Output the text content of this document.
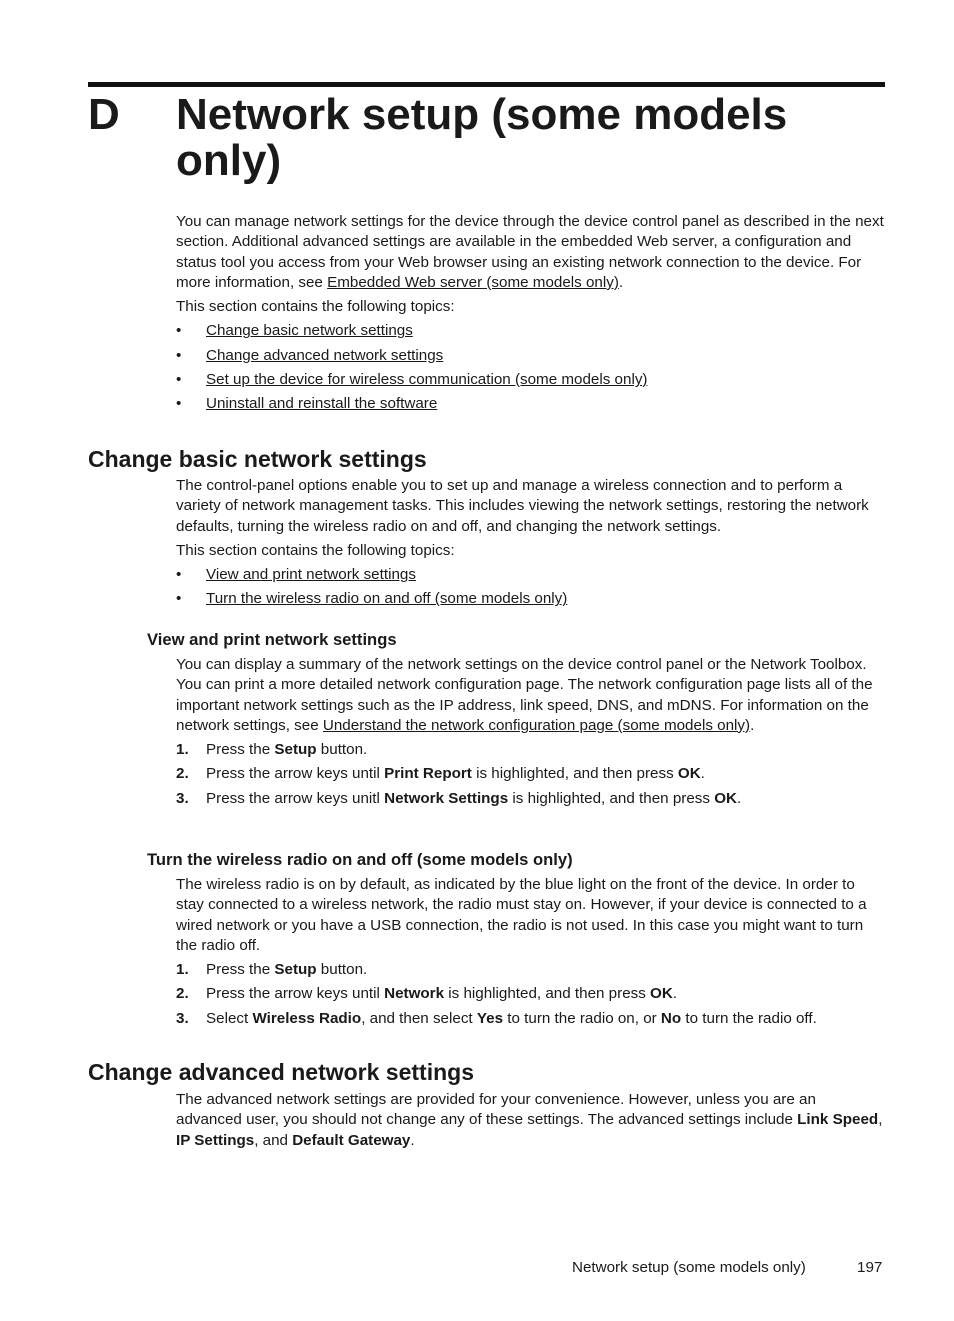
D Network setup (some models only)

You can manage network settings for the device through the device control panel as described in the next section. Additional advanced settings are available in the embedded Web server, a configuration and status tool you access from your Web browser using an existing network connection to the device. For more information, see Embedded Web server (some models only).

This section contains the following topics:

• Change basic network settings
• Change advanced network settings
• Set up the device for wireless communication (some models only)
• Uninstall and reinstall the software
Change basic network settings

The control-panel options enable you to set up and manage a wireless connection and to perform a variety of network management tasks. This includes viewing the network settings, restoring the network defaults, turning the wireless radio on and off, and changing the network settings.

This section contains the following topics:

• View and print network settings
• Turn the wireless radio on and off (some models only)
View and print network settings

You can display a summary of the network settings on the device control panel or the Network Toolbox. You can print a more detailed network configuration page. The network configuration page lists all of the important network settings such as the IP address, link speed, DNS, and mDNS. For information on the network settings, see Understand the network configuration page (some models only).

1. Press the Setup button.
2. Press the arrow keys until Print Report is highlighted, and then press OK.
3. Press the arrow keys unitl Network Settings is highlighted, and then press OK.
Turn the wireless radio on and off (some models only)

The wireless radio is on by default, as indicated by the blue light on the front of the device. In order to stay connected to a wireless network, the radio must stay on. However, if your device is connected to a wired network or you have a USB connection, the radio is not used. In this case you might want to turn the radio off.

1. Press the Setup button.
2. Press the arrow keys until Network is highlighted, and then press OK.
3. Select Wireless Radio, and then select Yes to turn the radio on, or No to turn the radio off.
Change advanced network settings

The advanced network settings are provided for your convenience. However, unless you are an advanced user, you should not change any of these settings. The advanced settings include Link Speed, IP Settings, and Default Gateway.

Network setup (some models only)	197
